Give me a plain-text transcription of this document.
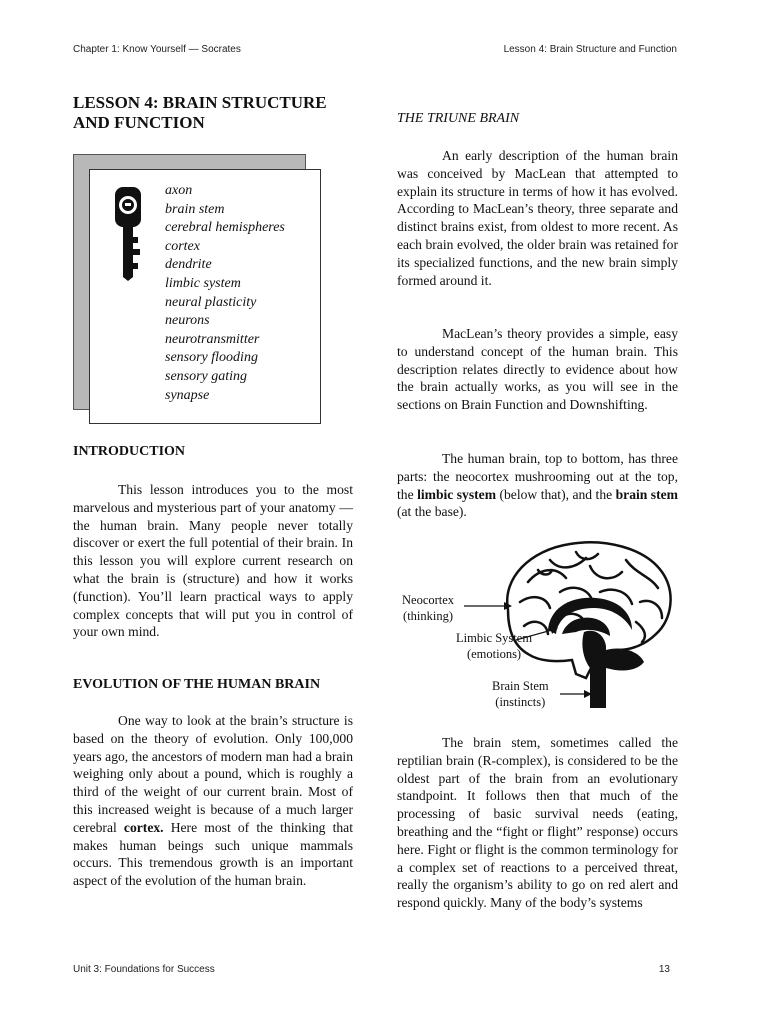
Chapter 1: Know Yourself — Socrates	Lesson 4: Brain Structure and Function
LESSON 4: BRAIN STRUCTURE AND FUNCTION
axon
brain stem
cerebral hemispheres
cortex
dendrite
limbic system
neural plasticity
neurons
neurotransmitter
sensory flooding
sensory gating
synapse
INTRODUCTION

This lesson introduces you to the most marvelous and mysterious part of your anatomy — the human brain. Many people never totally discover or exert the full potential of their brain. In this lesson you will explore current research on what the brain is (structure) and how it works (function). You’ll learn practical ways to apply complex concepts that will put you in control of your own mind.

EVOLUTION OF THE HUMAN BRAIN

One way to look at the brain’s structure is based on the theory of evolution. Only 100,000 years ago, the ancestors of modern man had a brain weighing only about a pound, which is roughly a third of the weight of our current brain. Most of this increased weight is because of a much larger cerebral cortex. Here most of the thinking that makes human beings such unique mammals occurs. This tremendous growth is an important aspect of the evolution of the human brain.

THE TRIUNE BRAIN

An early description of the human brain was conceived by MacLean that attempted to explain its structure in terms of how it has evolved. According to MacLean’s theory, three separate and distinct brains exist, from oldest to more recent. As each brain evolved, the older brain was retained for its specialized functions, and the new brain simply formed around it.

MacLean’s theory provides a simple, easy to understand concept of the human brain. This description relates directly to evidence about how the brain actually works, as you will see in the sections on Brain Function and Downshifting.

The human brain, top to bottom, has three parts: the neocortex mushrooming out at the top, the limbic system (below that), and the brain stem (at the base).

Neocortex
(thinking)
Limbic System
(emotions)
Brain Stem
(instincts)

The brain stem, sometimes called the reptilian brain (R-complex), is considered to be the oldest part of the brain from an evolutionary standpoint. It follows then that much of the processing of basic survival needs (eating, breathing and the “fight or flight” response) occurs here. Fight or flight is the common terminology for a complex set of reactions to a perceived threat, really the organism’s ability to go on red alert and respond quickly. Many of the body’s systems

Unit 3: Foundations for Success	13
